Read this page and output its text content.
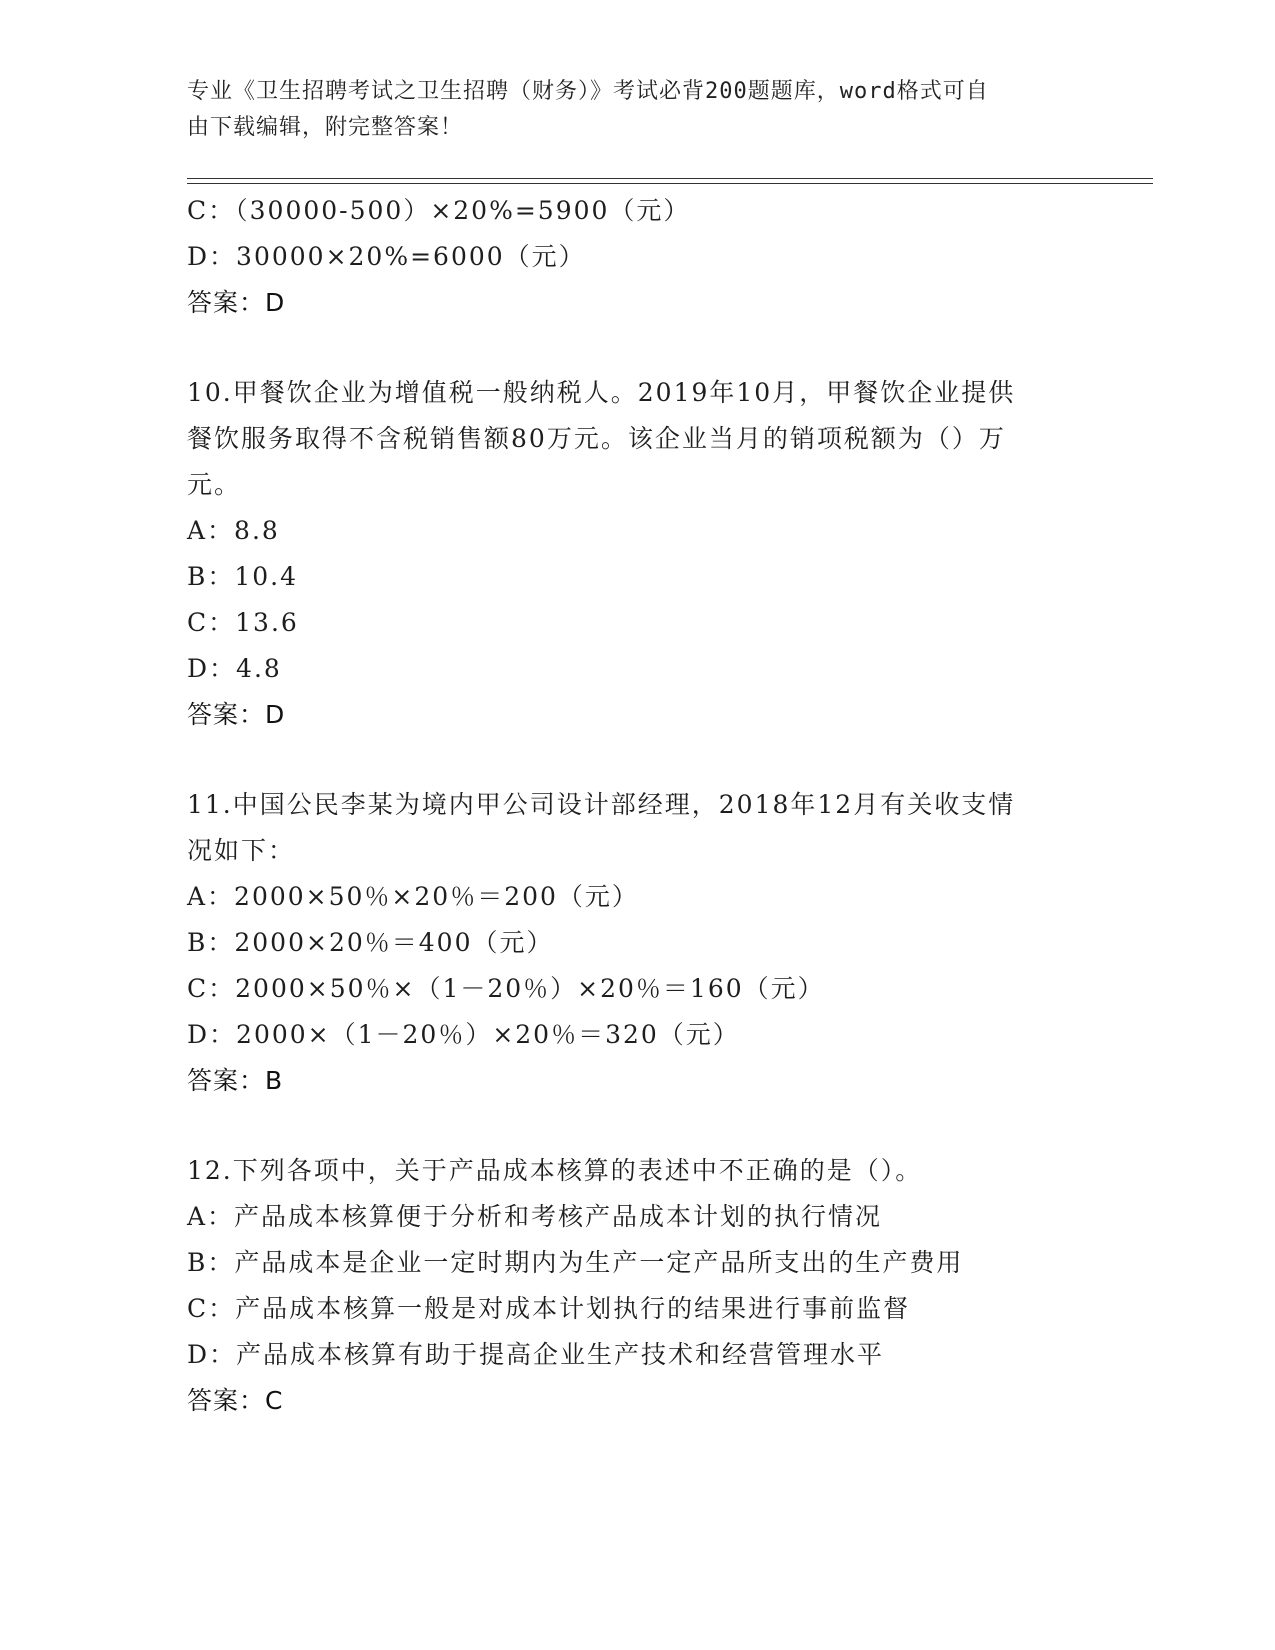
专业《卫生招聘考试之卫生招聘（财务）》考试必背200题题库，word格式可自
由下载编辑，附完整答案！
C：（30000-500）×20%=5900（元）
D：30000×20%=6000（元）
答案：D
10.甲餐饮企业为增值税一般纳税人。2019年10月，甲餐饮企业提供
餐饮服务取得不含税销售额80万元。该企业当月的销项税额为（）万
元。
A：8.8
B：10.4
C：13.6
D：4.8
答案：D
11.中国公民李某为境内甲公司设计部经理，2018年12月有关收支情
况如下：
A：2000×50％×20％＝200（元）
B：2000×20％＝400（元）
C：2000×50％×（1－20％）×20％＝160（元）
D：2000×（1－20％）×20％＝320（元）
答案：B
12.下列各项中，关于产品成本核算的表述中不正确的是（）。
A：产品成本核算便于分析和考核产品成本计划的执行情况
B：产品成本是企业一定时期内为生产一定产品所支出的生产费用
C：产品成本核算一般是对成本计划执行的结果进行事前监督
D：产品成本核算有助于提高企业生产技术和经营管理水平
答案：C
